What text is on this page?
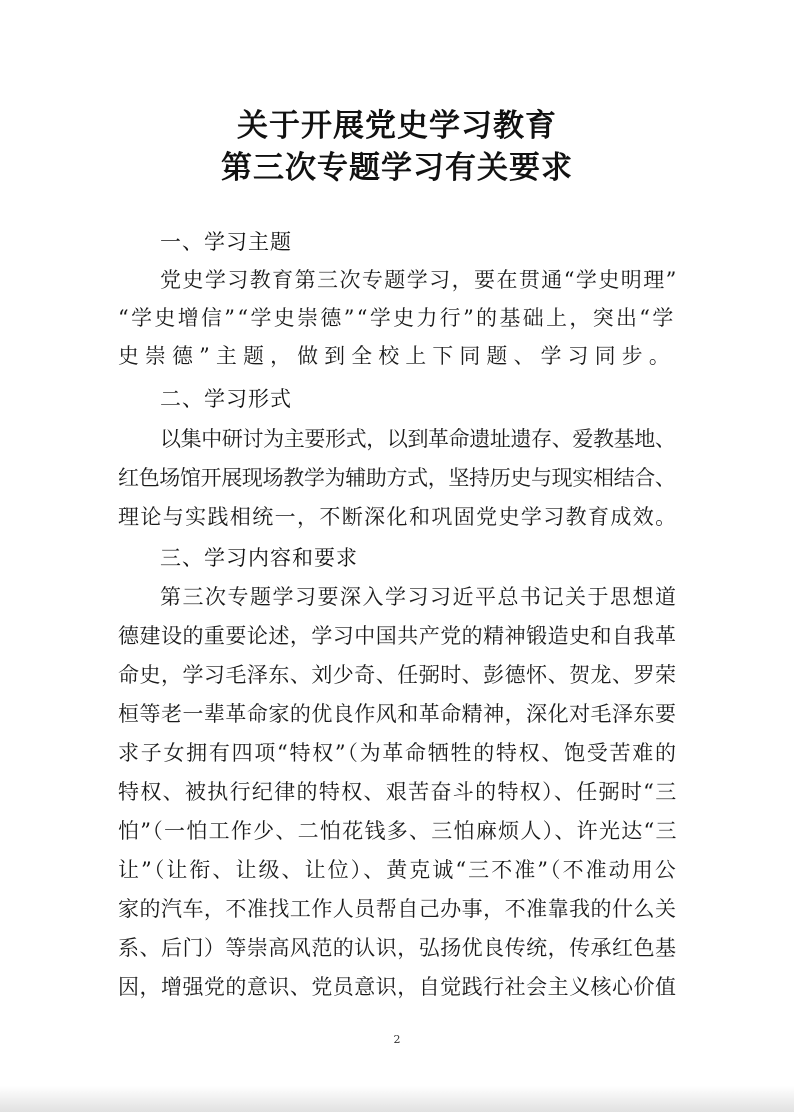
关于开展党史学习教育
第三次专题学习有关要求
一、学习主题
党史学习教育第三次专题学习，要在贯通“学史明理”
“学史增信”“学史崇德”“学史力行”的基础上，突出“学
史崇德”主题，做到全校上下同题、学习同步。
二、学习形式
以集中研讨为主要形式，以到革命遗址遗存、爱教基地、
红色场馆开展现场教学为辅助方式，坚持历史与现实相结合、
理论与实践相统一，不断深化和巩固党史学习教育成效。
三、学习内容和要求
第三次专题学习要深入学习习近平总书记关于思想道
德建设的重要论述，学习中国共产党的精神锻造史和自我革
命史，学习毛泽东、刘少奇、任弼时、彭德怀、贺龙、罗荣
桓等老一辈革命家的优良作风和革命精神，深化对毛泽东要
求子女拥有四项“特权”（为革命牺牲的特权、饱受苦难的
特权、被执行纪律的特权、艰苦奋斗的特权）、任弼时“三
怕”（一怕工作少、二怕花钱多、三怕麻烦人）、许光达“三
让”（让衔、让级、让位）、黄克诚“三不准”（不准动用公
家的汽车，不准找工作人员帮自己办事，不准靠我的什么关
系、后门）等崇高风范的认识，弘扬优良传统，传承红色基
因，增强党的意识、党员意识，自觉践行社会主义核心价值
2
